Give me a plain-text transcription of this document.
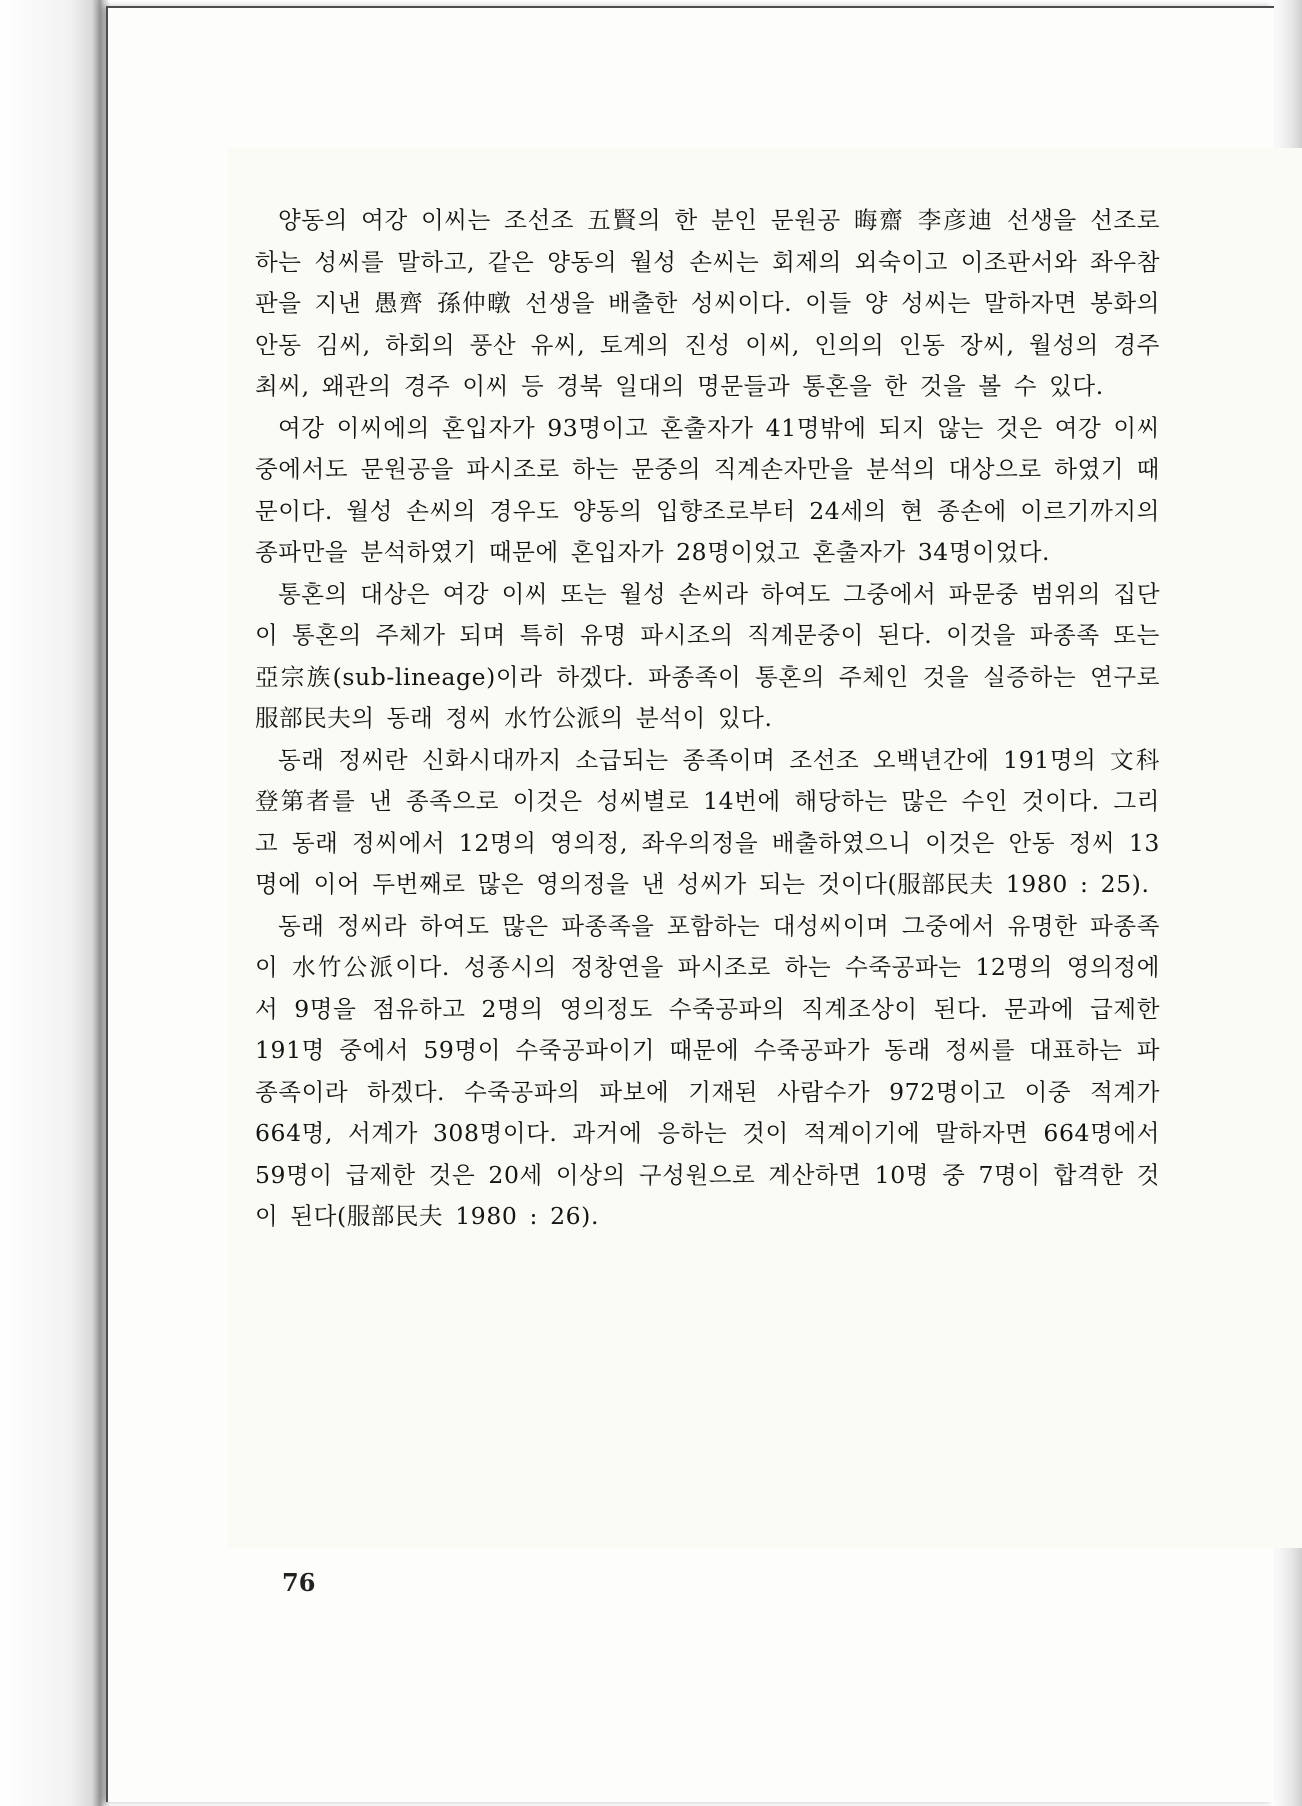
양동의 여강 이씨는 조선조 五賢의 한 분인 문원공 晦齋 李彦迪 선생을 선조로 하는 성씨를 말하고, 같은 양동의 월성 손씨는 회제의 외숙이고 이조판서와 좌우참판을 지낸 愚齊 孫仲暾 선생을 배출한 성씨이다. 이들 양 성씨는 말하자면 봉화의 안동 김씨, 하회의 풍산 유씨, 토계의 진성 이씨, 인의의 인동 장씨, 월성의 경주 최씨, 왜관의 경주 이씨 등 경북 일대의 명문들과 통혼을 한 것을 볼 수 있다.

여강 이씨에의 혼입자가 93명이고 혼출자가 41명밖에 되지 않는 것은 여강 이씨 중에서도 문원공을 파시조로 하는 문중의 직계손자만을 분석의 대상으로 하였기 때문이다. 월성 손씨의 경우도 양동의 입향조로부터 24세의 현 종손에 이르기까지의 종파만을 분석하였기 때문에 혼입자가 28명이었고 혼출자가 34명이었다.

통혼의 대상은 여강 이씨 또는 월성 손씨라 하여도 그중에서 파문중 범위의 집단이 통혼의 주체가 되며 특히 유명 파시조의 직계문중이 된다. 이것을 파종족 또는 亞宗族(sub-lineage)이라 하겠다. 파종족이 통혼의 주체인 것을 실증하는 연구로 服部民夫의 동래 정씨 水竹公派의 분석이 있다.

동래 정씨란 신화시대까지 소급되는 종족이며 조선조 오백년간에 191명의 文科登第者를 낸 종족으로 이것은 성씨별로 14번에 해당하는 많은 수인 것이다. 그리고 동래 정씨에서 12명의 영의정, 좌우의정을 배출하였으니 이것은 안동 정씨 13명에 이어 두번째로 많은 영의정을 낸 성씨가 되는 것이다(服部民夫 1980 : 25).

동래 정씨라 하여도 많은 파종족을 포함하는 대성씨이며 그중에서 유명한 파종족이 水竹公派이다. 성종시의 정창연을 파시조로 하는 수죽공파는 12명의 영의정에서 9명을 점유하고 2명의 영의정도 수죽공파의 직계조상이 된다. 문과에 급제한 191명 중에서 59명이 수죽공파이기 때문에 수죽공파가 동래 정씨를 대표하는 파종족이라 하겠다. 수죽공파의 파보에 기재된 사람수가 972명이고 이중 적계가 664명, 서계가 308명이다. 과거에 응하는 것이 적계이기에 말하자면 664명에서 59명이 급제한 것은 20세 이상의 구성원으로 계산하면 10명 중 7명이 합격한 것이 된다(服部民夫 1980 : 26).

76
